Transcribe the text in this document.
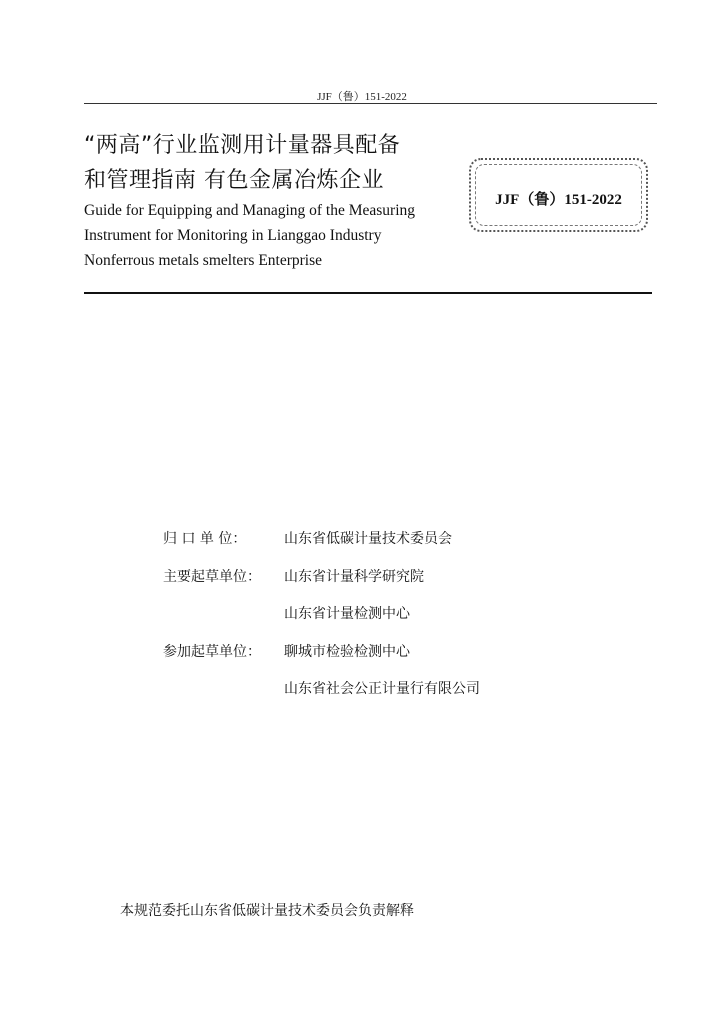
JJF（鲁）151-2022
“两高”行业监测用计量器具配备
和管理指南 有色金属冶炼企业
Guide for Equipping and Managing of the Measuring
Instrument for Monitoring in Lianggao Industry
Nonferrous metals smelters Enterprise
JJF（鲁）151-2022
归 口 单 位：	山东省低碳计量技术委员会
主要起草单位：	山东省计量科学研究院
山东省计量检测中心
参加起草单位：	聊城市检验检测中心
山东省社会公正计量行有限公司
本规范委托山东省低碳计量技术委员会负责解释
